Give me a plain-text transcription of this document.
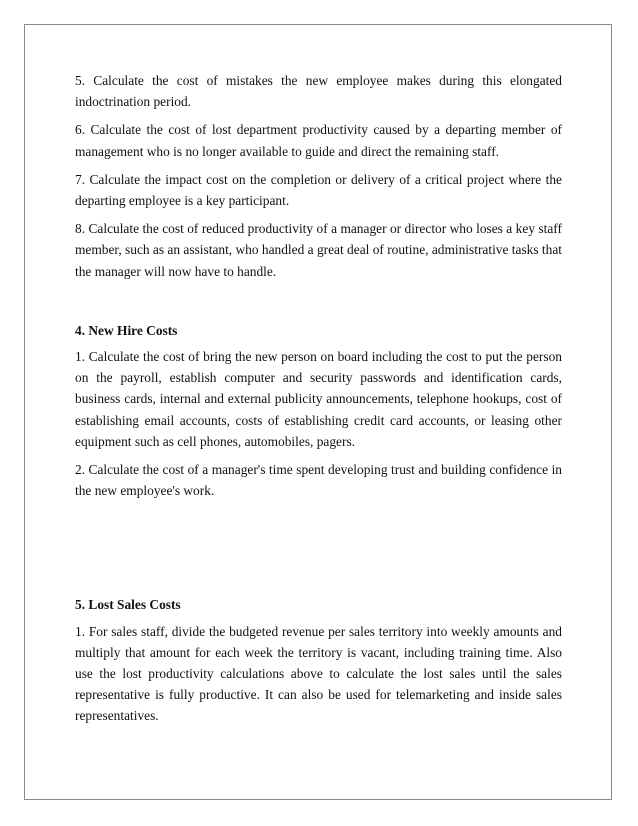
5. Calculate the cost of mistakes the new employee makes during this elongated indoctrination period.

6. Calculate the cost of lost department productivity caused by a departing member of management who is no longer available to guide and direct the remaining staff.

7. Calculate the impact cost on the completion or delivery of a critical project where the departing employee is a key participant.

8. Calculate the cost of reduced productivity of a manager or director who loses a key staff member, such as an assistant, who handled a great deal of routine, administrative tasks that the manager will now have to handle.

4. New Hire Costs

1. Calculate the cost of bring the new person on board including the cost to put the person on the payroll, establish computer and security passwords and identification cards, business cards, internal and external publicity announcements, telephone hookups, cost of establishing email accounts, costs of establishing credit card accounts, or leasing other equipment such as cell phones, automobiles, pagers.

2. Calculate the cost of a manager's time spent developing trust and building confidence in the new employee's work.

5. Lost Sales Costs

1. For sales staff, divide the budgeted revenue per sales territory into weekly amounts and multiply that amount for each week the territory is vacant, including training time. Also use the lost productivity calculations above to calculate the lost sales until the sales representative is fully productive. It can also be used for telemarketing and inside sales representatives.
